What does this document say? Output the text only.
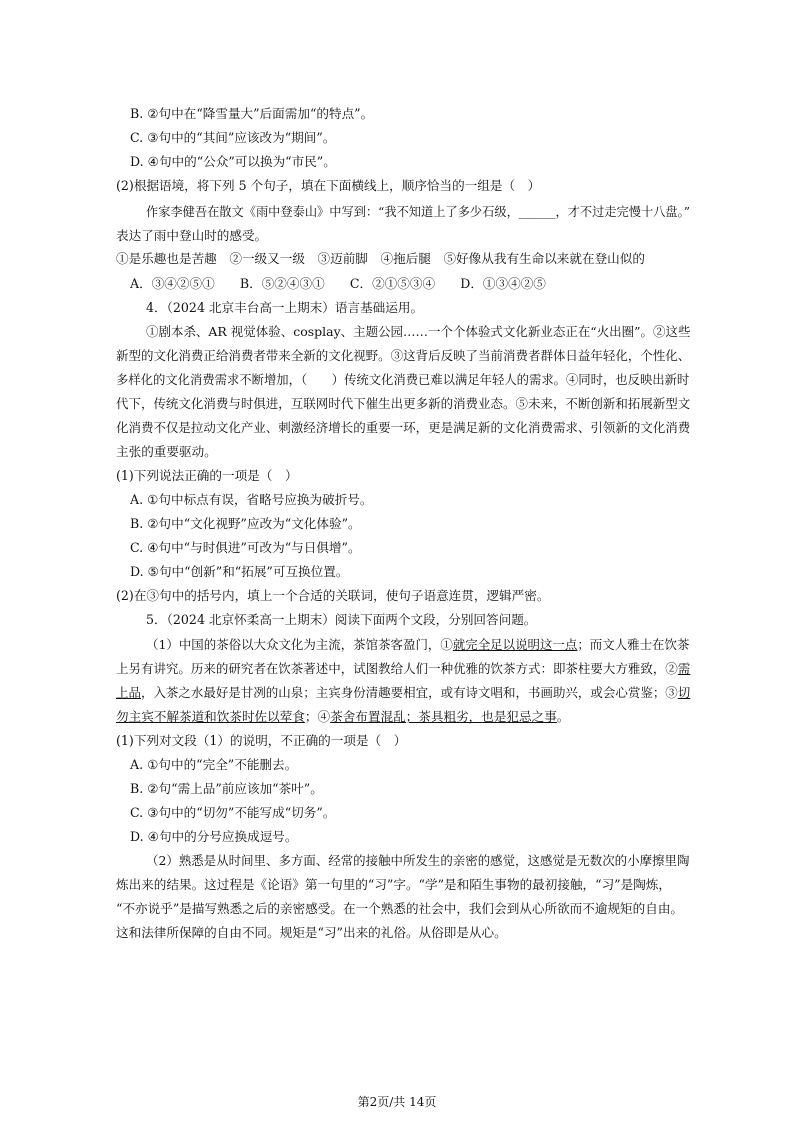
B. ②句中在“降雪量大”后面需加“的特点”。
C. ③句中的“其间”应该改为“期间”。
D. ④句中的“公众”可以换为“市民”。
(2)根据语境，将下列 5 个句子，填在下面横线上，顺序恰当的一组是（　）
作家李健吾在散文《雨中登泰山》中写到：“我不知道上了多少石级，______，才不过走完慢十八盘。”
表达了雨中登山时的感受。
①是乐趣也是苦趣　②一级又一级　③迈前脚　④拖后腿　⑤好像从我有生命以来就在登山似的
A．③④②⑤①　　B．⑤②④③①　　C．②①⑤③④　　D．①③④②⑤
4．（2024 北京丰台高一上期末）语言基础运用。
①剧本杀、AR 视觉体验、cosplay、主题公园……一个个体验式文化新业态正在“火出圈”。②这些
新型的文化消费正给消费者带来全新的文化视野。③这背后反映了当前消费者群体日益年轻化，个性化、
多样化的文化消费需求不断增加，（　　）传统文化消费已难以满足年轻人的需求。④同时，也反映出新时
代下，传统文化消费与时俱进，互联网时代下催生出更多新的消费业态。⑤未来，不断创新和拓展新型文
化消费不仅是拉动文化产业、刺激经济增长的重要一环，更是满足新的文化消费需求、引领新的文化消费
主张的重要驱动。
(1)下列说法正确的一项是（　）
A. ①句中标点有误，省略号应换为破折号。
B. ②句中“文化视野”应改为“文化体验”。
C. ④句中“与时俱进”可改为“与日俱增”。
D. ⑤句中“创新”和“拓展”可互换位置。
(2)在③句中的括号内，填上一个合适的关联词，使句子语意连贯，逻辑严密。
5．（2024 北京怀柔高一上期末）阅读下面两个文段，分别回答问题。
（1）中国的茶俗以大众文化为主流，茶馆茶客盈门，①就完全足以说明这一点；而文人雅士在饮茶
上另有讲究。历来的研究者在饮茶著述中，试图教给人们一种优雅的饮茶方式：即茶柱要大方雅致，②需
上品，入茶之水最好是甘冽的山泉；主宾身份清趣要相宜，或有诗文唱和，书画助兴，或会心赏鉴；③切
勿主宾不解茶道和饮茶时佐以荤食；④茶舍布置混乱；茶具粗劣，也是犯忌之事。
(1)下列对文段（1）的说明，不正确的一项是（　）
A. ①句中的“完全”不能删去。
B. ②句“需上品”前应该加“茶叶”。
C. ③句中的“切勿”不能写成“切务”。
D. ④句中的分号应换成逗号。
（2）熟悉是从时间里、多方面、经常的接触中所发生的亲密的感觉，这感觉是无数次的小摩擦里陶
炼出来的结果。这过程是《论语》第一句里的“习”字。“学”是和陌生事物的最初接触，“习”是陶炼，
“不亦说乎”是描写熟悉之后的亲密感受。在一个熟悉的社会中，我们会到从心所欲而不逾规矩的自由。
这和法律所保障的自由不同。规矩是“习”出来的礼俗。从俗即是从心。
第2页/共 14页
